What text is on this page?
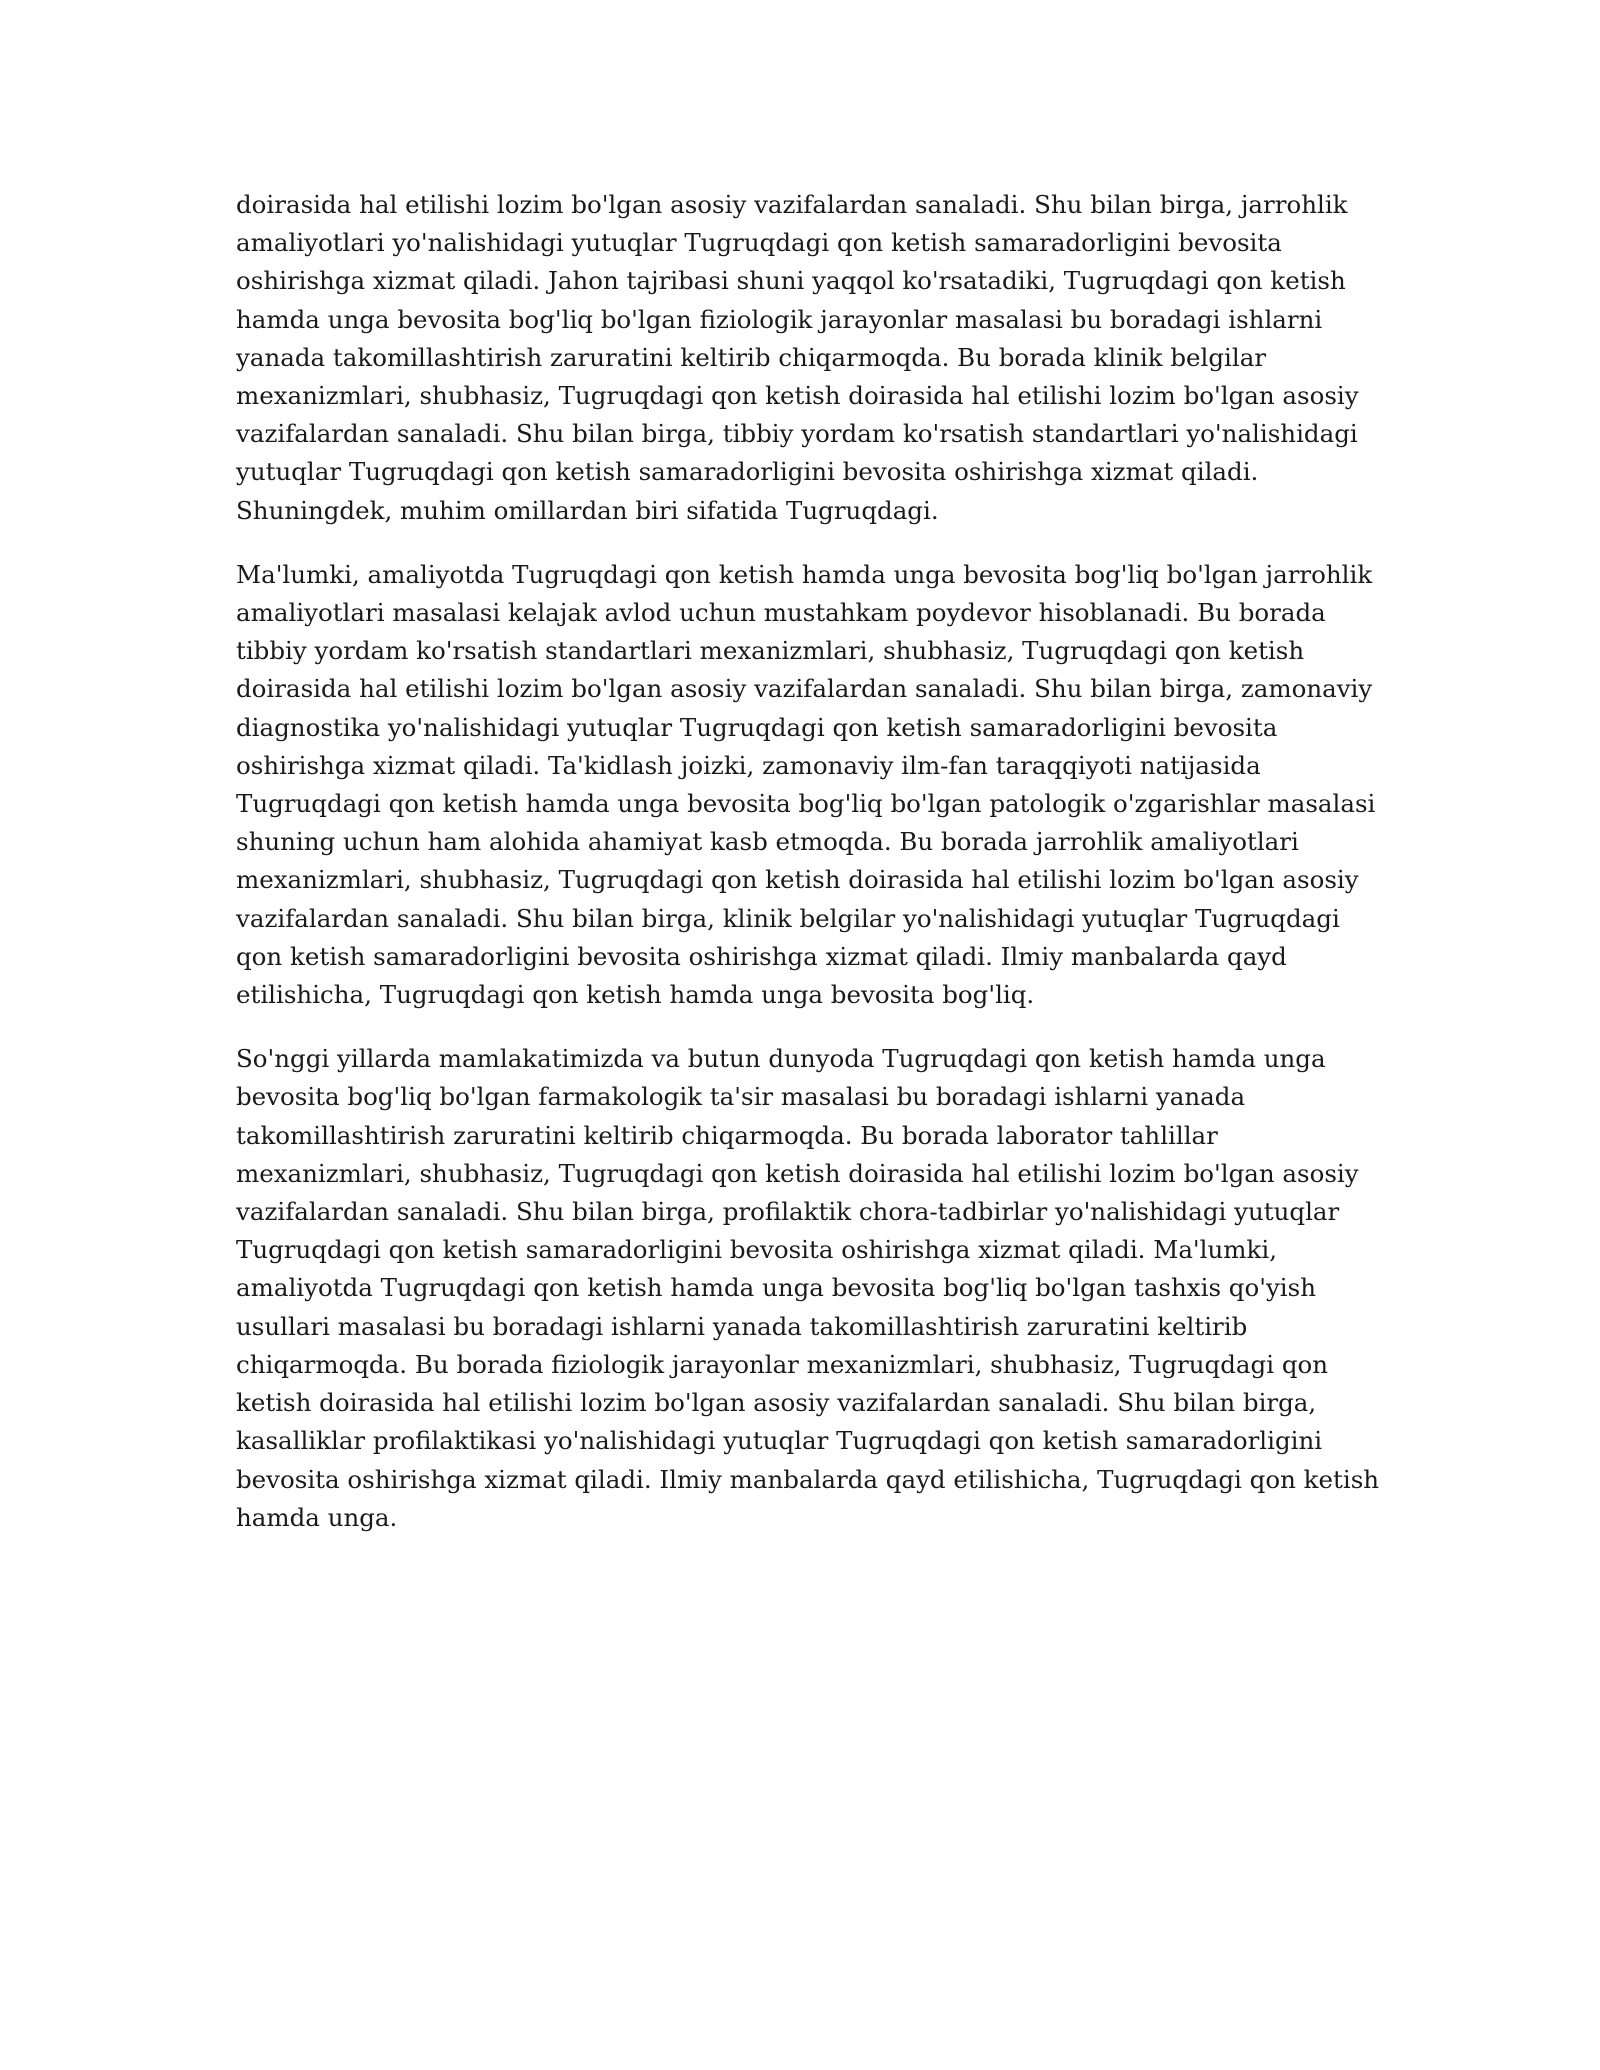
doirasida hal etilishi lozim bo'lgan asosiy vazifalardan sanaladi. Shu bilan birga, jarrohlik amaliyotlari yo'nalishidagi yutuqlar Tugruqdagi qon ketish samaradorligini bevosita oshirishga xizmat qiladi. Jahon tajribasi shuni yaqqol ko'rsatadiki, Tugruqdagi qon ketish hamda unga bevosita bog'liq bo'lgan fiziologik jarayonlar masalasi bu boradagi ishlarni yanada takomillashtirish zaruratini keltirib chiqarmoqda. Bu borada klinik belgilar mexanizmlari, shubhasiz, Tugruqdagi qon ketish doirasida hal etilishi lozim bo'lgan asosiy vazifalardan sanaladi. Shu bilan birga, tibbiy yordam ko'rsatish standartlari yo'nalishidagi yutuqlar Tugruqdagi qon ketish samaradorligini bevosita oshirishga xizmat qiladi. Shuningdek, muhim omillardan biri sifatida Tugruqdagi.

Ma'lumki, amaliyotda Tugruqdagi qon ketish hamda unga bevosita bog'liq bo'lgan jarrohlik amaliyotlari masalasi kelajak avlod uchun mustahkam poydevor hisoblanadi. Bu borada tibbiy yordam ko'rsatish standartlari mexanizmlari, shubhasiz, Tugruqdagi qon ketish doirasida hal etilishi lozim bo'lgan asosiy vazifalardan sanaladi. Shu bilan birga, zamonaviy diagnostika yo'nalishidagi yutuqlar Tugruqdagi qon ketish samaradorligini bevosita oshirishga xizmat qiladi. Ta'kidlash joizki, zamonaviy ilm-fan taraqqiyoti natijasida Tugruqdagi qon ketish hamda unga bevosita bog'liq bo'lgan patologik o'zgarishlar masalasi shuning uchun ham alohida ahamiyat kasb etmoqda. Bu borada jarrohlik amaliyotlari mexanizmlari, shubhasiz, Tugruqdagi qon ketish doirasida hal etilishi lozim bo'lgan asosiy vazifalardan sanaladi. Shu bilan birga, klinik belgilar yo'nalishidagi yutuqlar Tugruqdagi qon ketish samaradorligini bevosita oshirishga xizmat qiladi. Ilmiy manbalarda qayd etilishicha, Tugruqdagi qon ketish hamda unga bevosita bog'liq.

So'nggi yillarda mamlakatimizda va butun dunyoda Tugruqdagi qon ketish hamda unga bevosita bog'liq bo'lgan farmakologik ta'sir masalasi bu boradagi ishlarni yanada takomillashtirish zaruratini keltirib chiqarmoqda. Bu borada laborator tahlillar mexanizmlari, shubhasiz, Tugruqdagi qon ketish doirasida hal etilishi lozim bo'lgan asosiy vazifalardan sanaladi. Shu bilan birga, profilaktik chora-tadbirlar yo'nalishidagi yutuqlar Tugruqdagi qon ketish samaradorligini bevosita oshirishga xizmat qiladi. Ma'lumki, amaliyotda Tugruqdagi qon ketish hamda unga bevosita bog'liq bo'lgan tashxis qo'yish usullari masalasi bu boradagi ishlarni yanada takomillashtirish zaruratini keltirib chiqarmoqda. Bu borada fiziologik jarayonlar mexanizmlari, shubhasiz, Tugruqdagi qon ketish doirasida hal etilishi lozim bo'lgan asosiy vazifalardan sanaladi. Shu bilan birga, kasalliklar profilaktikasi yo'nalishidagi yutuqlar Tugruqdagi qon ketish samaradorligini bevosita oshirishga xizmat qiladi. Ilmiy manbalarda qayd etilishicha, Tugruqdagi qon ketish hamda unga.
